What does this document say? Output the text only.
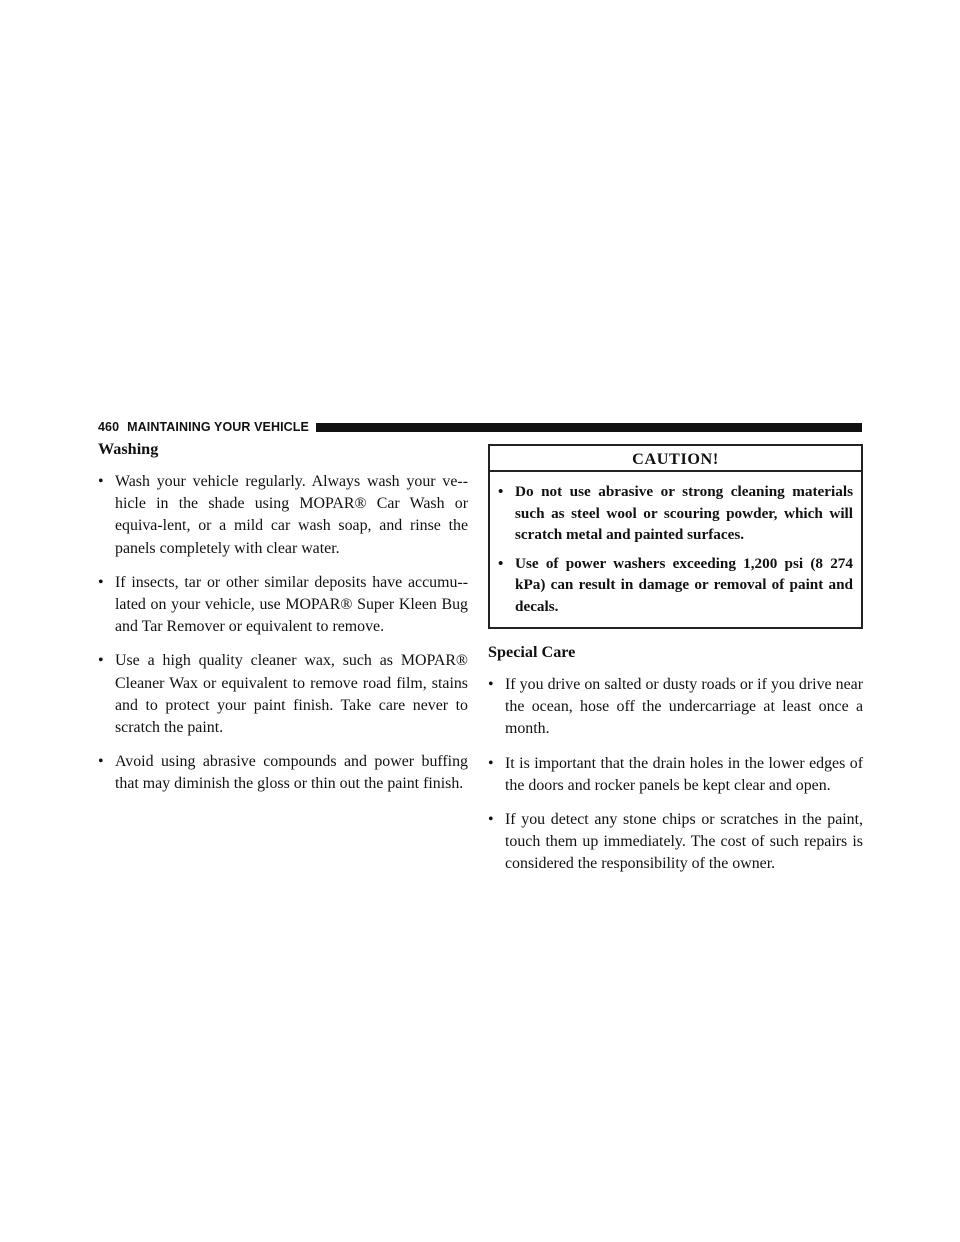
460 MAINTAINING YOUR VEHICLE
Washing
• Wash your vehicle regularly. Always wash your ve-hicle in the shade using MOPAR® Car Wash or equiva-lent, or a mild car wash soap, and rinse the panels completely with clear water.
• If insects, tar or other similar deposits have accumu-lated on your vehicle, use MOPAR® Super Kleen Bug and Tar Remover or equivalent to remove.
• Use a high quality cleaner wax, such as MOPAR® Cleaner Wax or equivalent to remove road film, stains and to protect your paint finish. Take care never to scratch the paint.
• Avoid using abrasive compounds and power buffing that may diminish the gloss or thin out the paint finish.
CAUTION!
• Do not use abrasive or strong cleaning materials such as steel wool or scouring powder, which will scratch metal and painted surfaces.
• Use of power washers exceeding 1,200 psi (8 274 kPa) can result in damage or removal of paint and decals.
Special Care
• If you drive on salted or dusty roads or if you drive near the ocean, hose off the undercarriage at least once a month.
• It is important that the drain holes in the lower edges of the doors and rocker panels be kept clear and open.
• If you detect any stone chips or scratches in the paint, touch them up immediately. The cost of such repairs is considered the responsibility of the owner.
